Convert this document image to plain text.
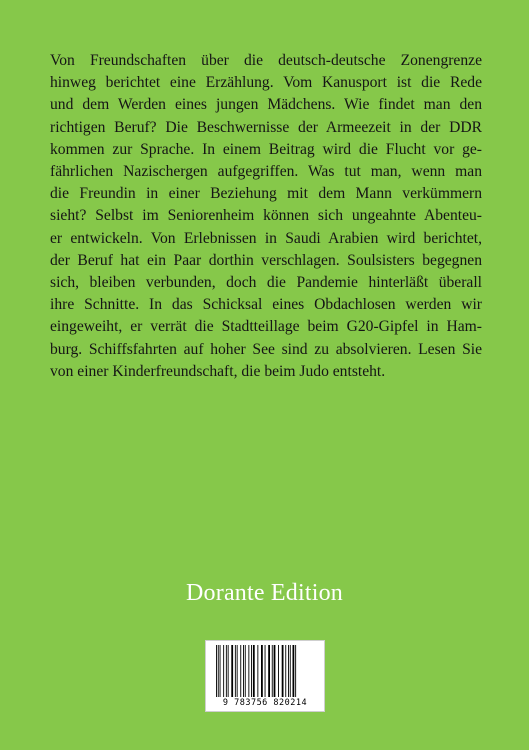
Von Freundschaften über die deutsch-deutsche Zonengrenze
hinweg berichtet eine Erzählung. Vom Kanusport ist die Rede
und dem Werden eines jungen Mädchens. Wie findet man den
richtigen Beruf? Die Beschwernisse der Armeezeit in der DDR
kommen zur Sprache. In einem Beitrag wird die Flucht vor ge-
fährlichen Nazischergen aufgegriffen. Was tut man, wenn man
die Freundin in einer Beziehung mit dem Mann verkümmern
sieht? Selbst im Seniorenheim können sich ungeahnte Abenteu-
er entwickeln. Von Erlebnissen in Saudi Arabien wird berichtet,
der Beruf hat ein Paar dorthin verschlagen. Soulsisters begegnen
sich, bleiben verbunden, doch die Pandemie hinterläßt überall
ihre Schnitte. In das Schicksal eines Obdachlosen werden wir
eingeweiht, er verrät die Stadtteillage beim G20-Gipfel in Ham-
burg. Schiffsfahrten auf hoher See sind zu absolvieren. Lesen Sie
von einer Kinderfreundschaft, die beim Judo entsteht.
Dorante Edition
9 783756 820214
